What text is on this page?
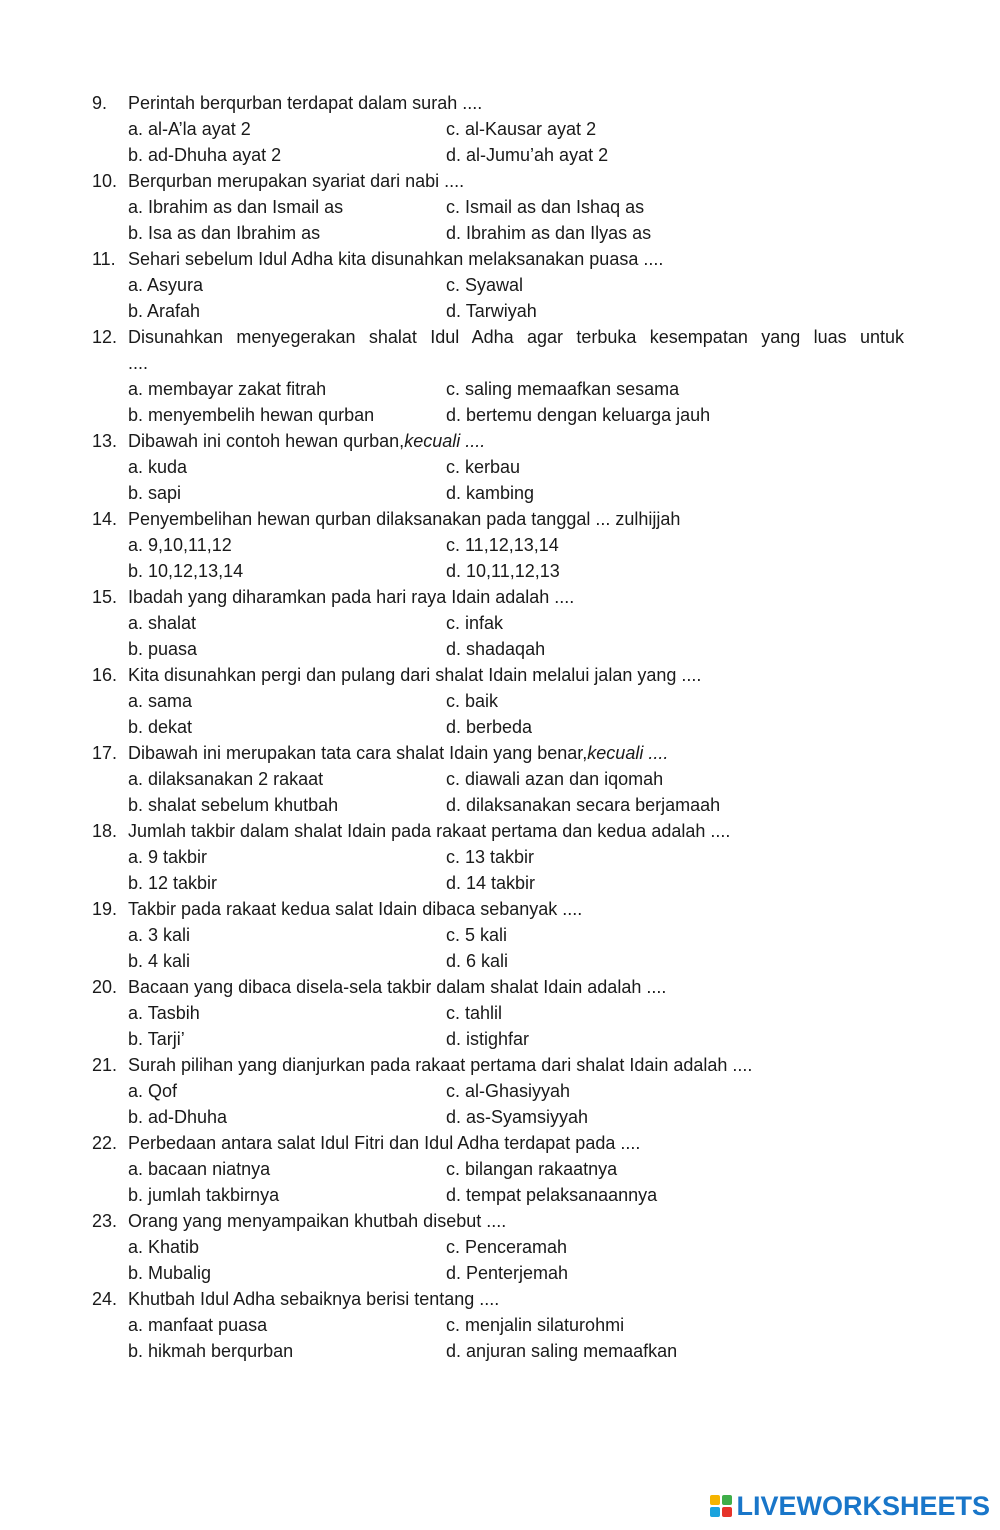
9. Perintah berqurban terdapat dalam surah ....
a. al-A’la ayat 2	c. al-Kausar ayat 2
b. ad-Dhuha ayat 2	d. al-Jumu’ah ayat 2
10. Berqurban merupakan syariat dari nabi ....
a. Ibrahim as dan Ismail as	c. Ismail as dan Ishaq as
b. Isa as dan Ibrahim as	d. Ibrahim as dan Ilyas as
11. Sehari sebelum Idul Adha kita disunahkan melaksanakan puasa ....
a. Asyura	c. Syawal
b. Arafah	d. Tarwiyah
12. Disunahkan menyegerakan shalat Idul Adha agar terbuka kesempatan yang luas untuk
....
a. membayar zakat fitrah	c. saling memaafkan sesama
b. menyembelih hewan qurban	d. bertemu dengan keluarga jauh
13. Dibawah ini contoh hewan qurban,kecuali ....
a. kuda	c. kerbau
b. sapi	d. kambing
14. Penyembelihan hewan qurban dilaksanakan pada tanggal ... zulhijjah
a. 9,10,11,12	c. 11,12,13,14
b. 10,12,13,14	d. 10,11,12,13
15. Ibadah yang diharamkan pada hari raya Idain adalah ....
a. shalat	c. infak
b. puasa	d. shadaqah
16. Kita disunahkan pergi dan pulang dari shalat Idain melalui jalan yang ....
a. sama	c. baik
b. dekat	d. berbeda
17. Dibawah ini merupakan tata cara shalat Idain yang benar,kecuali ....
a. dilaksanakan 2 rakaat	c. diawali azan dan iqomah
b. shalat sebelum khutbah	d. dilaksanakan secara berjamaah
18. Jumlah takbir dalam shalat Idain pada rakaat pertama dan kedua adalah ....
a. 9 takbir	c. 13 takbir
b. 12 takbir	d. 14 takbir
19. Takbir pada rakaat kedua salat Idain dibaca sebanyak ....
a. 3 kali	c. 5 kali
b. 4 kali	d. 6 kali
20. Bacaan yang dibaca disela-sela takbir dalam shalat Idain adalah ....
a. Tasbih	c. tahlil
b. Tarji’	d. istighfar
21. Surah pilihan yang dianjurkan pada rakaat pertama dari shalat Idain adalah ....
a. Qof	c. al-Ghasiyyah
b. ad-Dhuha	d. as-Syamsiyyah
22. Perbedaan antara salat Idul Fitri dan Idul Adha terdapat pada ....
a. bacaan niatnya	c. bilangan rakaatnya
b. jumlah takbirnya	d. tempat pelaksanaannya
23. Orang yang menyampaikan khutbah disebut ....
a. Khatib	c. Penceramah
b. Mubalig	d. Penterjemah
24. Khutbah Idul Adha sebaiknya berisi tentang ....
a. manfaat puasa	c. menjalin silaturohmi
b. hikmah berqurban	d. anjuran saling memaafkan
LIVEWORKSHEETS
